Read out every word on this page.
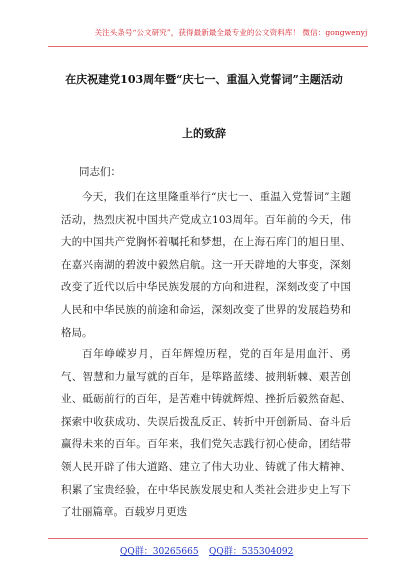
关注头条号“公文研究”，获得最新最全最专业的公文资料库！ 微信：gongwenyj
在庆祝建党103周年暨“庆七一、重温入党誓词”主题活动
上的致辞
同志们：

今天，我们在这里隆重举行“庆七一、重温入党誓词”主题活动，热烈庆祝中国共产党成立103周年。百年前的今天，伟大的中国共产党胸怀着嘱托和梦想，在上海石库门的旭日里、在嘉兴南湖的碧波中毅然启航。这一开天辟地的大事变，深刻改变了近代以后中华民族发展的方向和进程，深刻改变了中国人民和中华民族的前途和命运，深刻改变了世界的发展趋势和格局。

百年峥嵘岁月，百年辉煌历程，党的百年是用血汗、勇气、智慧和力量写就的百年，是筚路蓝缕、披荆斩棘、艰苦创业、砥砺前行的百年，是苦难中铸就辉煌、挫折后毅然奋起、探索中收获成功、失误后拨乱反正、转折中开创新局、奋斗后赢得未来的百年。百年来，我们党矢志践行初心使命，团结带领人民开辟了伟大道路、建立了伟大功业、铸就了伟大精神、积累了宝贵经验，在中华民族发展史和人类社会进步史上写下了壮丽篇章。百载岁月更迭

QQ群：30265665 QQ群：535304092
